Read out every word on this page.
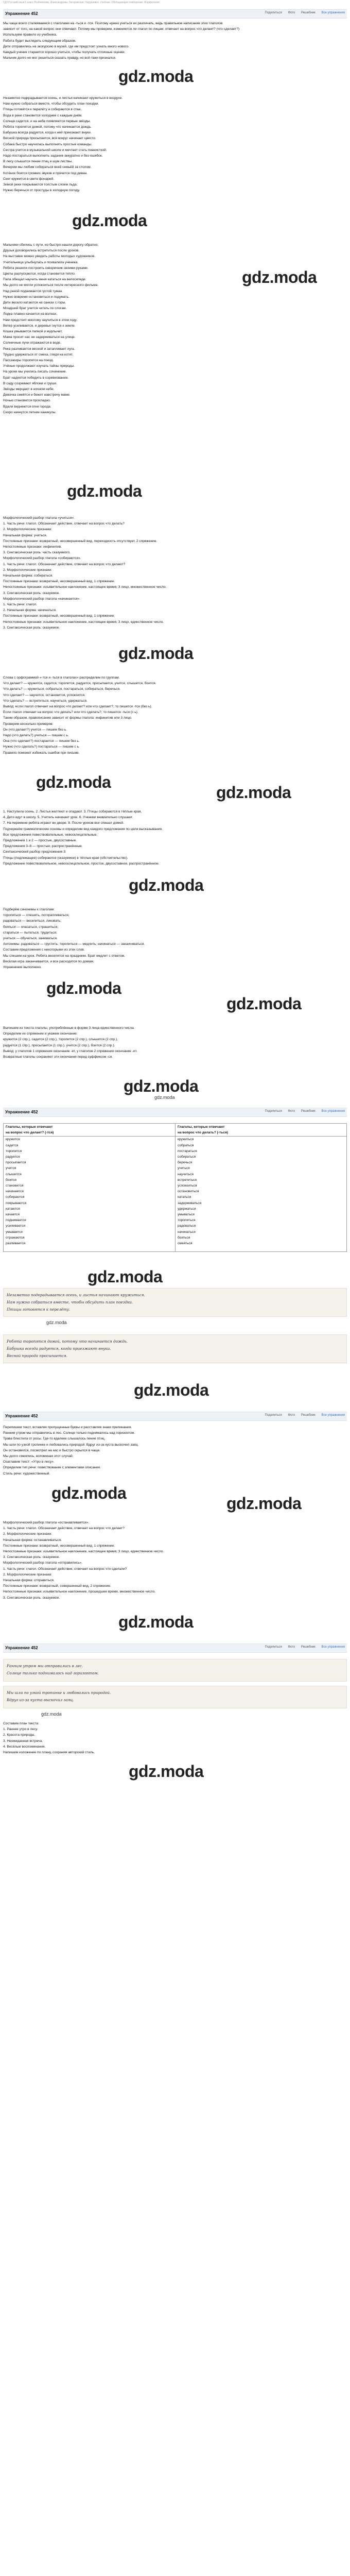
ГДЗ Русский язык 6 класс Рыбченкова, Александрова, Загоровская, Нарушевич. Учебник. Обобщающее повторение. Морфология
Упражнение 452	Поделиться Фото Решебник Все упражнения

Мы чаще всего сталкиваемся с глаголами на -ться и -тся. Поэтому нужно учиться их различать, ведь правильное написание этих глаголов

зависит от того, на какой вопрос они отвечают. Потому мы проверим, изменяется ли глагол по лицам: отвечает на вопрос что делает? (что сделает?)

Используем правило из учебника.

Работа будет выглядеть следующим образом.

Дети отправились на экскурсию в музей, где им предстоит узнать много нового.

Каждый ученик старается хорошо учиться, чтобы получать отличные оценки.

Мальчик долго не мог решиться сказать правду, но всё-таки признался.

gdz.moda

Незаметно подкрадывается осень, и листья начинают кружиться в воздухе.

Нам нужно собраться вместе, чтобы обсудить план поездки.

Птицы готовятся к перелёту и собираются в стаи.

Вода в реке становится холоднее с каждым днём.

Солнце садится, и на небе появляются первые звёзды.

Ребята торопятся домой, потому что начинается дождь.

Бабушка всегда радуется, когда к ней приезжают внуки.

Весной природа просыпается, всё вокруг начинает цвести.

Собака быстро научилась выполнять простые команды.

Сестра учится в музыкальной школе и мечтает стать пианисткой.

Надо постараться выполнить задание аккуратно и без ошибок.

В лесу слышится пение птиц и шум листвы.

Вечером мы любим собираться всей семьёй за столом.

Котёнок боится громких звуков и прячется под диван.

Снег кружится в свете фонарей.

Зимой реки покрываются толстым слоем льда.

Нужно беречься от простуды в холодную погоду.

gdz.moda
gdz.moda

Мальчики сбились с пути, но быстро нашли дорогу обратно.

Друзья договорились встретиться после уроков.

На выставке можно увидеть работы молодых художников.

Учительница улыбнулась и похвалила ученика.

Ребята решили построить скворечник своими руками.

Цветы распускаются, когда становится тепло.

Папа обещал научить меня кататься на велосипеде.

Мы долго не могли успокоиться после интересного фильма.

Над рекой поднимается густой туман.

Нужно вовремя остановиться и подумать.

Дети весело катаются на санках с горы.

Младший брат учится читать по слогам.

Лодка плавно качается на волнах.

Нам предстоит многому научиться в этом году.

Ветер усиливается, и деревья гнутся к земле.

Кошка умывается лапкой и мурлычет.

Мама просит нас не задерживаться на улице.

Солнечные лучи отражаются в воде.

Река разливается весной и затапливает луга.

Трудно удержаться от смеха, глядя на котят.

Пассажиры торопятся на поезд.

Учёные продолжают изучать тайны природы.

На уроке мы учились писать сочинение.

Брат надеется победить в соревновании.

В саду созревают яблоки и груши.

Звёзды мерцают в ночном небе.

Девочка смеётся и бежит навстречу маме.

Ночью становится прохладно.

Вдали виднеются огни города.

Скоро начнутся летние каникулы.

gdz.moda

Морфологический разбор глагола «учиться».

1. Часть речи: глагол. Обозначает действие, отвечает на вопрос что делать?

2. Морфологические признаки:

Начальная форма: учиться.

Постоянные признаки: возвратный, несовершенный вид, переходность отсутствует, 2 спряжение.

Непостоянные признаки: инфинитив.

3. Синтаксическая роль: часть сказуемого.

Морфологический разбор глагола «собираются».

1. Часть речи: глагол. Обозначает действие, отвечает на вопрос что делают?

2. Морфологические признаки:

Начальная форма: собираться.

Постоянные признаки: возвратный, несовершенный вид, 1 спряжение.

Непостоянные признаки: изъявительное наклонение, настоящее время, 3 лицо, множественное число.

3. Синтаксическая роль: сказуемое.

Морфологический разбор глагола «начинается».

1. Часть речи: глагол.

2. Начальная форма: начинаться.

Постоянные признаки: возвратный, несовершенный вид, 1 спряжение.

Непостоянные признаки: изъявительное наклонение, настоящее время, 3 лицо, единственное число.

3. Синтаксическая роль: сказуемое.

gdz.moda

Слова с орфограммой «-тся и -ться в глаголах» распределим по группам.

Что делает? — кружится, садится, торопится, радуется, просыпается, учится, слышится, боится.

Что делать? — кружиться, собраться, постараться, собираться, беречься.

Что сделает? — научится, остановится, успокоится.

Что сделать? — встретиться, научиться, удержаться.

Вывод: если глагол отвечает на вопрос что делает? или что сделает?, то пишется -тся (без ь).

Если глагол отвечает на вопрос что делать? или что сделать?, то пишется -ться (с ь).

Таким образом, правописание зависит от формы глагола: инфинитив или 3 лицо.

Проверим несколько примеров:

Он (что делает?) учится — пишем без ь.

Надо (что делать?) учиться — пишем с ь.

Она (что сделает?) постарается — пишем без ь.

Нужно (что сделать?) постараться — пишем с ь.

Правило поможет избежать ошибок при письме.

gdz.moda
gdz.moda

1. Наступила осень. 2. Листья желтеют и опадают. 3. Птицы собираются в тёплые края.

4. Дети идут в школу. 5. Учитель начинает урок. 6. Ученики внимательно слушают.

7. На перемене ребята играют во дворе. 8. После уроков все спешат домой.

Подчеркнём грамматические основы и определим вид каждого предложения по цели высказывания.

Все предложения повествовательные, невосклицательные.

Предложения 1 и 2 — простые, двусоставные.

Предложения 3–8 — простые, распространённые.

Синтаксический разбор предложения 3:

Птицы (подлежащее) собираются (сказуемое) в тёплые края (обстоятельство).

Предложение повествовательное, невосклицательное, простое, двусоставное, распространённое.

gdz.moda

Подберём синонимы к глаголам:

торопиться — спешить, поторапливаться;

радоваться — веселиться, ликовать;

бояться — опасаться, страшиться;

стараться — пытаться, трудиться;

учиться — обучаться, заниматься.

Антонимы: радоваться — грустить; торопиться — медлить; начинаться — заканчиваться.

Составим предложения с некоторыми из этих слов.

Мы спешим на урок. Ребята веселятся на празднике. Брат медлит с ответом.

Весёлая игра заканчивается, и все расходятся по домам.

Упражнение выполнено.

gdz.moda
gdz.moda

Выпишем из текста глаголы, употреблённые в форме 3 лица единственного числа.

Определим их спряжение и укажем окончание.

кружится (2 спр.), садится (2 спр.), торопится (2 спр.), слышится (2 спр.),

радуется (1 спр.), просыпается (1 спр.), учится (2 спр.), боится (2 спр.).

Вывод: у глаголов 1 спряжения окончание -ет, у глаголов 2 спряжения окончание -ит.

Возвратные глаголы сохраняют эти окончания перед суффиксом -ся.

gdz.moda
gdz.moda
Упражнение 452	Поделиться Фото Решебник Все упражнения

Глаголы, которые отвечают

на вопрос что делает? (-тся)

кружится

садится

торопится

радуется

просыпается

учится

слышится

боится

становится

начинается

собираются

покрываются

катаются

качается

поднимается

усиливается

умывается

отражаются

разливается

Глаголы, которые отвечают

на вопрос что делать? (-ться)

кружиться

собраться

постараться

собираться

беречься

учиться

научиться

встретиться

успокоиться

остановиться

кататься

задерживаться

удержаться

умываться

торопиться

радоваться

начинаться

бояться

смеяться

gdz.moda

Незаметно подкрадывается осень, и листья начинают кружиться.

Нам нужно собраться вместе, чтобы обсудить план поездки.

Птицы готовятся к перелёту.

gdz.moda

Ребята торопятся домой, потому что начинается дождь.

Бабушка всегда радуется, когда приезжают внуки.

Весной природа просыпается.

gdz.moda
Упражнение 452	Поделиться Фото Решебник Все упражнения

Перепишем текст, вставляя пропущенные буквы и расставляя знаки препинания.

Ранним утром мы отправились в лес. Солнце только поднималось над горизонтом.

Трава блестела от росы. Где-то вдалеке слышалось пение птиц.

Мы шли по узкой тропинке и любовались природой. Вдруг из-за куста выскочил заяц.

Он остановился, посмотрел на нас и быстро скрылся в чаще.

Мы долго смеялись, вспоминая этот случай.

Озаглавим текст: «Утро в лесу».

Определим тип речи: повествование с элементами описания.

Стиль речи: художественный.

gdz.moda
gdz.moda

Морфологический разбор глагола «останавливается».

1. Часть речи: глагол. Обозначает действие, отвечает на вопрос что делает?

2. Морфологические признаки:

Начальная форма: останавливаться.

Постоянные признаки: возвратный, несовершенный вид, 1 спряжение.

Непостоянные признаки: изъявительное наклонение, настоящее время, 3 лицо, единственное число.

3. Синтаксическая роль: сказуемое.

Морфологический разбор глагола «отправились».

1. Часть речи: глагол. Обозначает действие, отвечает на вопрос что сделали?

2. Морфологические признаки:

Начальная форма: отправиться.

Постоянные признаки: возвратный, совершенный вид, 2 спряжение.

Непостоянные признаки: изъявительное наклонение, прошедшее время, множественное число.

3. Синтаксическая роль: сказуемое.

gdz.moda
Упражнение 452	Поделиться Фото Решебник Все упражнения

Ранним утром мы отправились в лес.

Солнце только поднималось над горизонтом.

Мы шли по узкой тропинке и любовались природой.

Вдруг из-за куста выскочил заяц.

gdz.moda

Составим план текста:

1. Раннее утро в лесу.

2. Красота природы.

3. Неожиданная встреча.

4. Весёлые воспоминания.

Напишем изложение по плану, сохраняя авторский стиль.

gdz.moda
